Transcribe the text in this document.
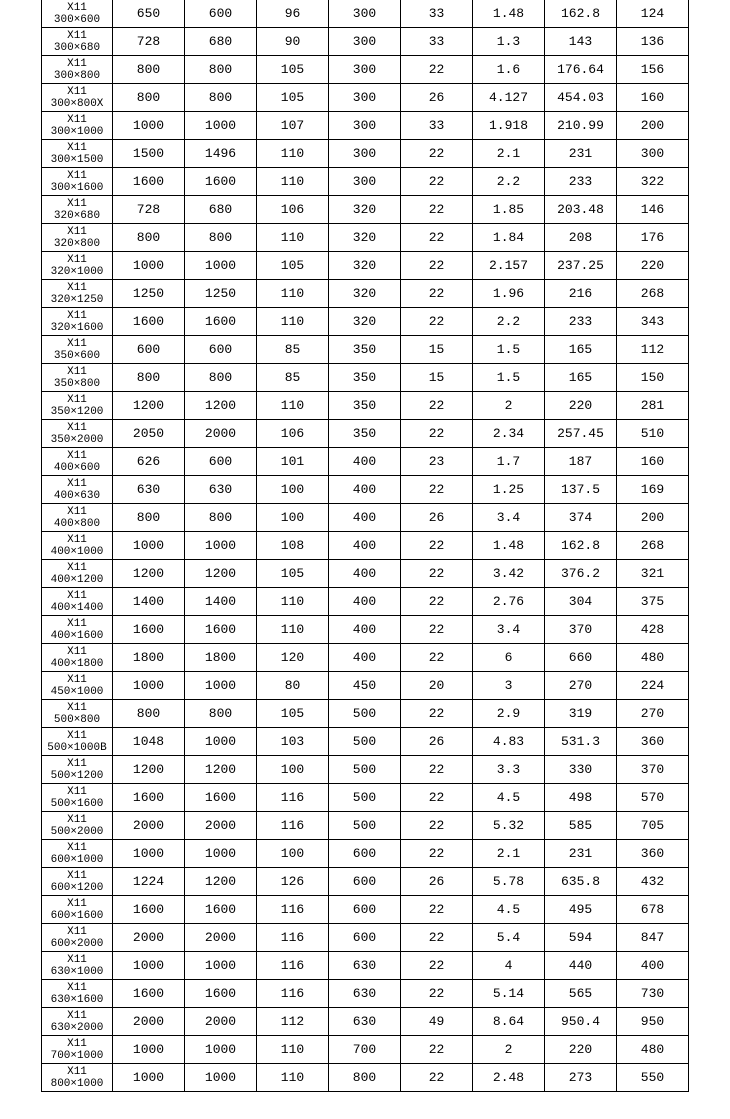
X11
300×600	650	600	96	300	33	1.48	162.8	124
X11
300×680	728	680	90	300	33	1.3	143	136
X11
300×800	800	800	105	300	22	1.6	176.64	156
X11
300×800X	800	800	105	300	26	4.127	454.03	160
X11
300×1000	1000	1000	107	300	33	1.918	210.99	200
X11
300×1500	1500	1496	110	300	22	2.1	231	300
X11
300×1600	1600	1600	110	300	22	2.2	233	322
X11
320×680	728	680	106	320	22	1.85	203.48	146
X11
320×800	800	800	110	320	22	1.84	208	176
X11
320×1000	1000	1000	105	320	22	2.157	237.25	220
X11
320×1250	1250	1250	110	320	22	1.96	216	268
X11
320×1600	1600	1600	110	320	22	2.2	233	343
X11
350×600	600	600	85	350	15	1.5	165	112
X11
350×800	800	800	85	350	15	1.5	165	150
X11
350×1200	1200	1200	110	350	22	2	220	281
X11
350×2000	2050	2000	106	350	22	2.34	257.45	510
X11
400×600	626	600	101	400	23	1.7	187	160
X11
400×630	630	630	100	400	22	1.25	137.5	169
X11
400×800	800	800	100	400	26	3.4	374	200
X11
400×1000	1000	1000	108	400	22	1.48	162.8	268
X11
400×1200	1200	1200	105	400	22	3.42	376.2	321
X11
400×1400	1400	1400	110	400	22	2.76	304	375
X11
400×1600	1600	1600	110	400	22	3.4	370	428
X11
400×1800	1800	1800	120	400	22	6	660	480
X11
450×1000	1000	1000	80	450	20	3	270	224
X11
500×800	800	800	105	500	22	2.9	319	270
X11
500×1000B	1048	1000	103	500	26	4.83	531.3	360
X11
500×1200	1200	1200	100	500	22	3.3	330	370
X11
500×1600	1600	1600	116	500	22	4.5	498	570
X11
500×2000	2000	2000	116	500	22	5.32	585	705
X11
600×1000	1000	1000	100	600	22	2.1	231	360
X11
600×1200	1224	1200	126	600	26	5.78	635.8	432
X11
600×1600	1600	1600	116	600	22	4.5	495	678
X11
600×2000	2000	2000	116	600	22	5.4	594	847
X11
630×1000	1000	1000	116	630	22	4	440	400
X11
630×1600	1600	1600	116	630	22	5.14	565	730
X11
630×2000	2000	2000	112	630	49	8.64	950.4	950
X11
700×1000	1000	1000	110	700	22	2	220	480
X11
800×1000	1000	1000	110	800	22	2.48	273	550
